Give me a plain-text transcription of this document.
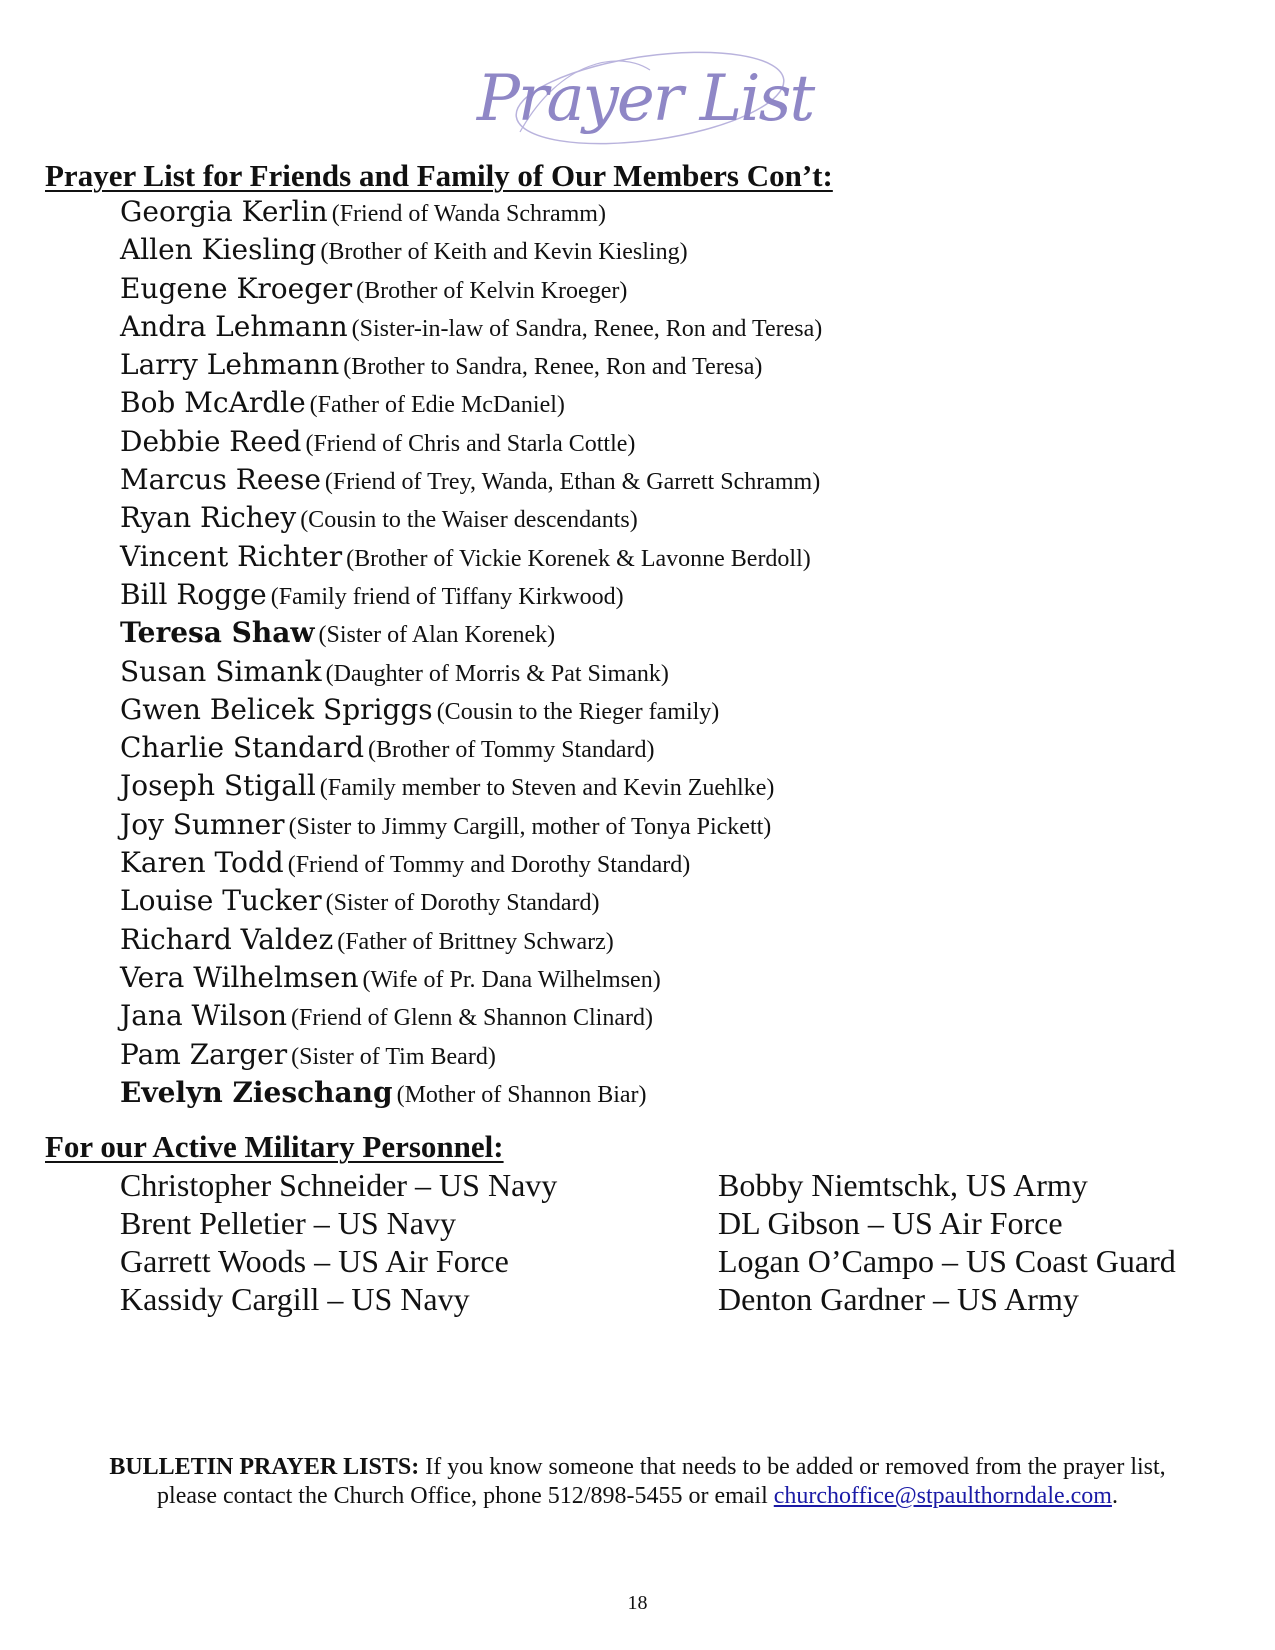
Prayer List
Prayer List for Friends and Family of Our Members Con’t:
Georgia Kerlin (Friend of Wanda Schramm)
Allen Kiesling (Brother of Keith and Kevin Kiesling)
Eugene Kroeger (Brother of Kelvin Kroeger)
Andra Lehmann (Sister-in-law of Sandra, Renee, Ron and Teresa)
Larry Lehmann (Brother to Sandra, Renee, Ron and Teresa)
Bob McArdle (Father of Edie McDaniel)
Debbie Reed (Friend of Chris and Starla Cottle)
Marcus Reese (Friend of Trey, Wanda, Ethan & Garrett Schramm)
Ryan Richey (Cousin to the Waiser descendants)
Vincent Richter (Brother of Vickie Korenek & Lavonne Berdoll)
Bill Rogge (Family friend of Tiffany Kirkwood)
Teresa Shaw (Sister of Alan Korenek)
Susan Simank (Daughter of Morris & Pat Simank)
Gwen Belicek Spriggs (Cousin to the Rieger family)
Charlie Standard (Brother of Tommy Standard)
Joseph Stigall (Family member to Steven and Kevin Zuehlke)
Joy Sumner (Sister to Jimmy Cargill, mother of Tonya Pickett)
Karen Todd (Friend of Tommy and Dorothy Standard)
Louise Tucker (Sister of Dorothy Standard)
Richard Valdez (Father of Brittney Schwarz)
Vera Wilhelmsen (Wife of Pr. Dana Wilhelmsen)
Jana Wilson (Friend of Glenn & Shannon Clinard)
Pam Zarger (Sister of Tim Beard)
Evelyn Zieschang (Mother of Shannon Biar)
For our Active Military Personnel:
Christopher Schneider – US Navy
Brent Pelletier – US Navy
Garrett Woods – US Air Force
Kassidy Cargill – US Navy
Bobby Niemtschk, US Army
DL Gibson – US Air Force
Logan O’Campo – US Coast Guard
Denton Gardner – US Army

BULLETIN PRAYER LISTS: If you know someone that needs to be added or removed from the prayer list,
please contact the Church Office, phone 512/898-5455 or email churchoffice@stpaulthorndale.com.

18
